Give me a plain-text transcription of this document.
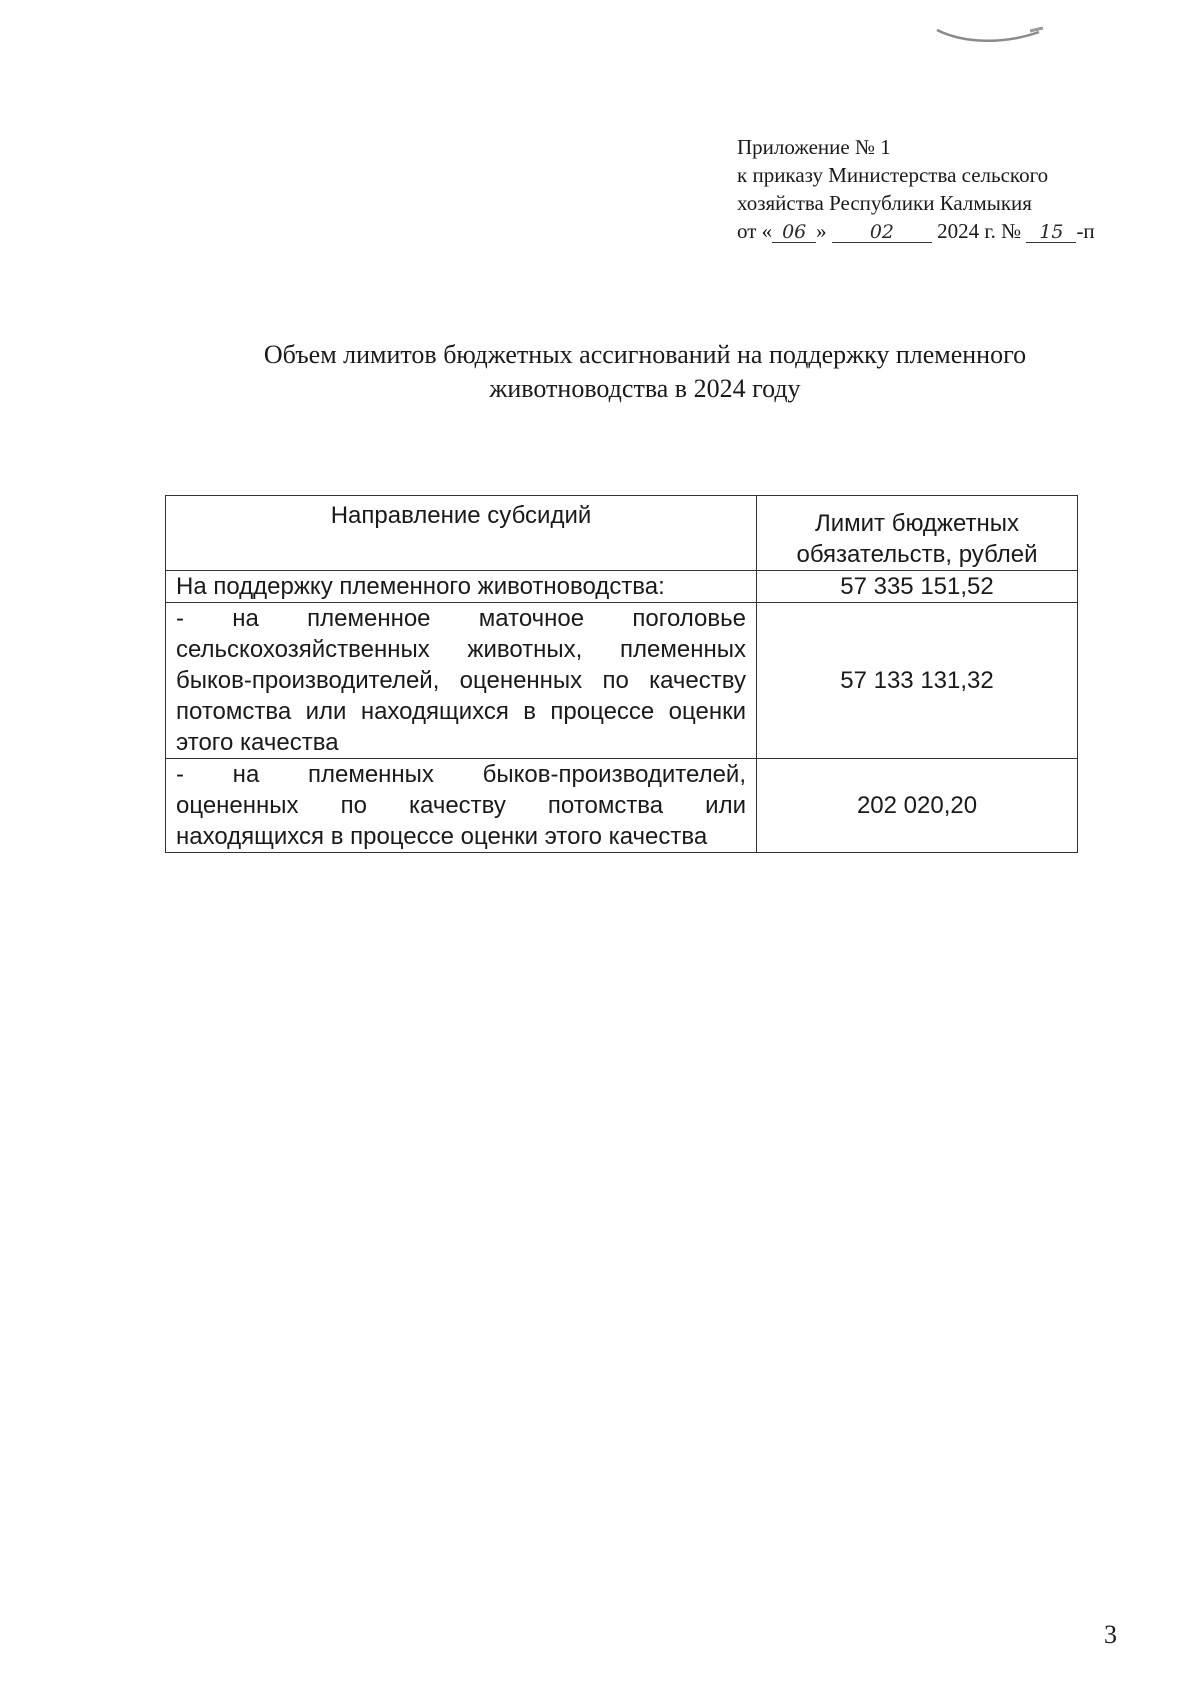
Приложение № 1
к приказу Министерства сельского
хозяйства Республики Калмыкия
от « 06 » 02 2024 г. № 15 -п
Объем лимитов бюджетных ассигнований на поддержку племенного
животноводства в 2024 году
Направление субсидий	Лимит бюджетных обязательств, рублей
На поддержку племенного животноводства:	57 335 151,52
- на племенное маточное поголовье сельскохозяйственных животных, племенных быков-производителей, оцененных по качеству потомства или находящихся в процессе оценки этого качества	57 133 131,32
- на племенных быков-производителей, оцененных по качеству потомства или находящихся в процессе оценки этого качества	202 020,20
3
